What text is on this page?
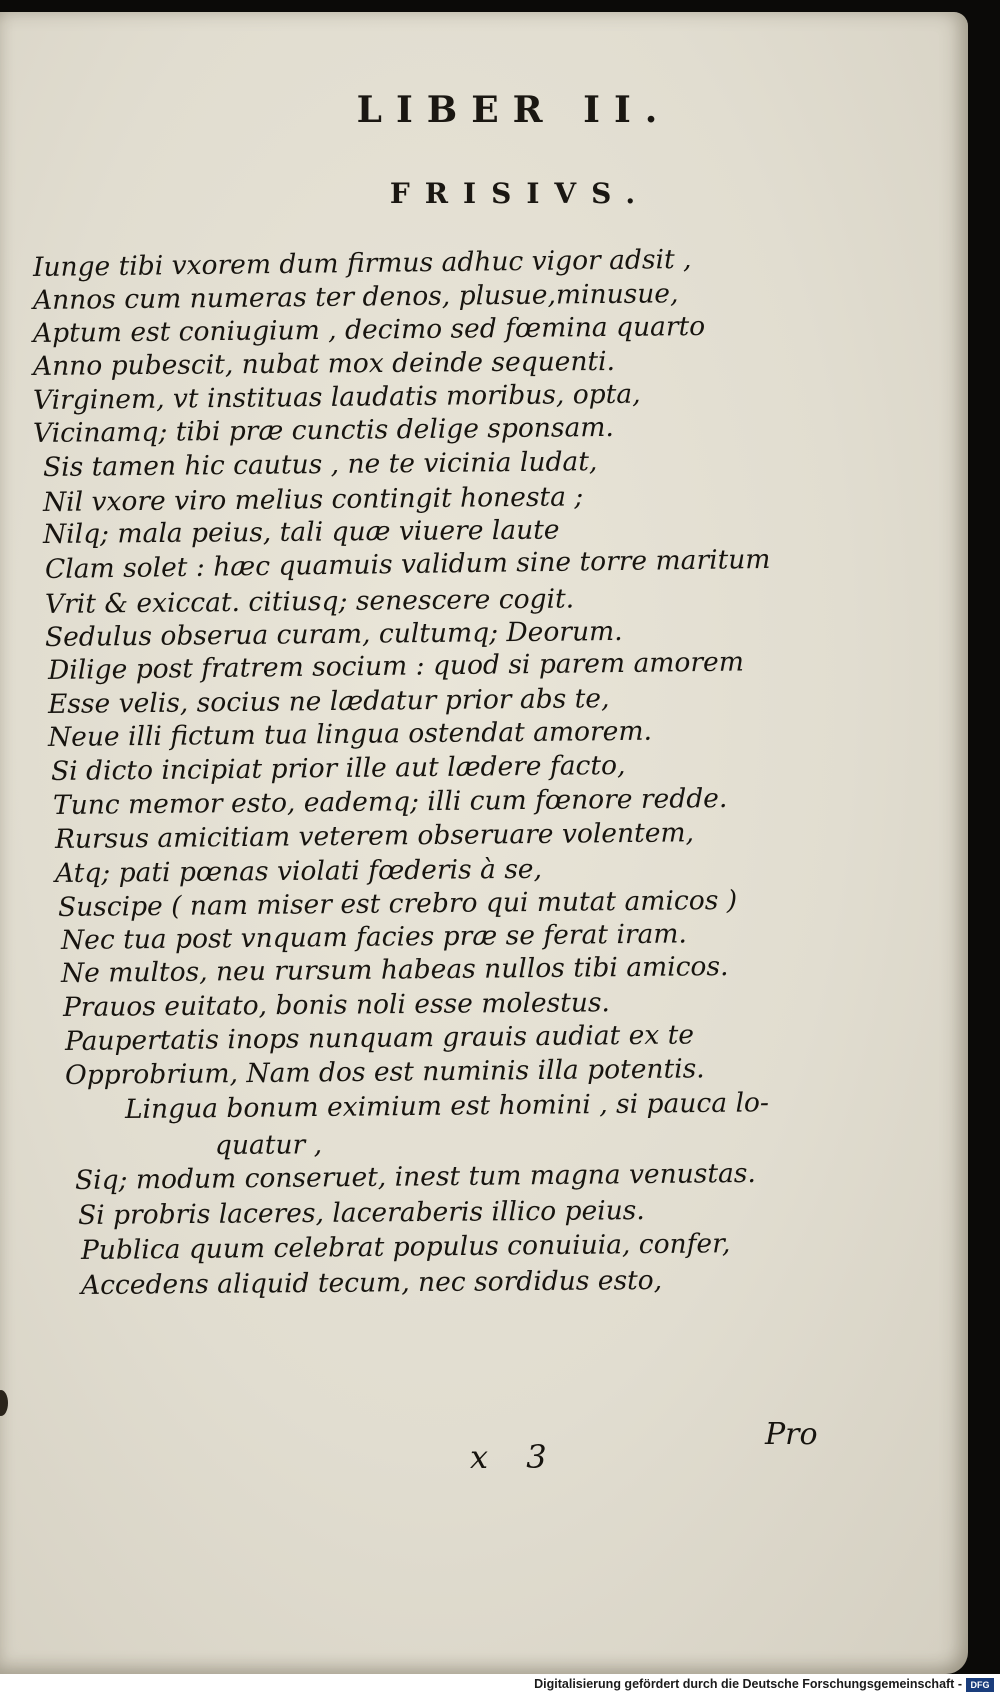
LIBER II.
FRISIVS.
Iunge tibi vxorem dum firmus adhuc vigor adsit ,
Annos cum numeras ter denos, plusue,minusue,
Aptum est coniugium , decimo sed fœmina quarto
Anno pubescit, nubat mox deinde sequenti.
Virginem, vt instituas laudatis moribus, opta,
Vicinamq; tibi præ cunctis delige sponsam.
Sis tamen hic cautus , ne te vicinia ludat,
Nil vxore viro melius contingit honesta ;
Nilq; mala peius, tali quæ viuere laute
Clam solet : hæc quamuis validum sine torre maritum
Vrit & exiccat. citiusq; senescere cogit.
Sedulus obserua curam, cultumq; Deorum.
Dilige post fratrem socium : quod si parem amorem
Esse velis, socius ne lædatur prior abs te,
Neue illi fictum tua lingua ostendat amorem.
Si dicto incipiat prior ille aut lædere facto,
Tunc memor esto, eademq; illi cum fœnore redde.
Rursus amicitiam veterem obseruare volentem,
Atq; pati pœnas violati fœderis à se,
Suscipe ( nam miser est crebro qui mutat amicos )
Nec tua post vnquam facies præ se ferat iram.
Ne multos, neu rursum habeas nullos tibi amicos.
Prauos euitato, bonis noli esse molestus.
Paupertatis inops nunquam grauis audiat ex te
Opprobrium, Nam dos est numinis illa potentis.
Lingua bonum eximium est homini , si pauca lo-
quatur ,
Siq; modum conseruet, inest tum magna venustas.
Si probris laceres, laceraberis illico peius.
Publica quum celebrat populus conuiuia, confer,
Accedens aliquid tecum, nec sordidus esto,
x 3
Pro
Digitalisierung gefördert durch die Deutsche Forschungsgemeinschaft - DFG
